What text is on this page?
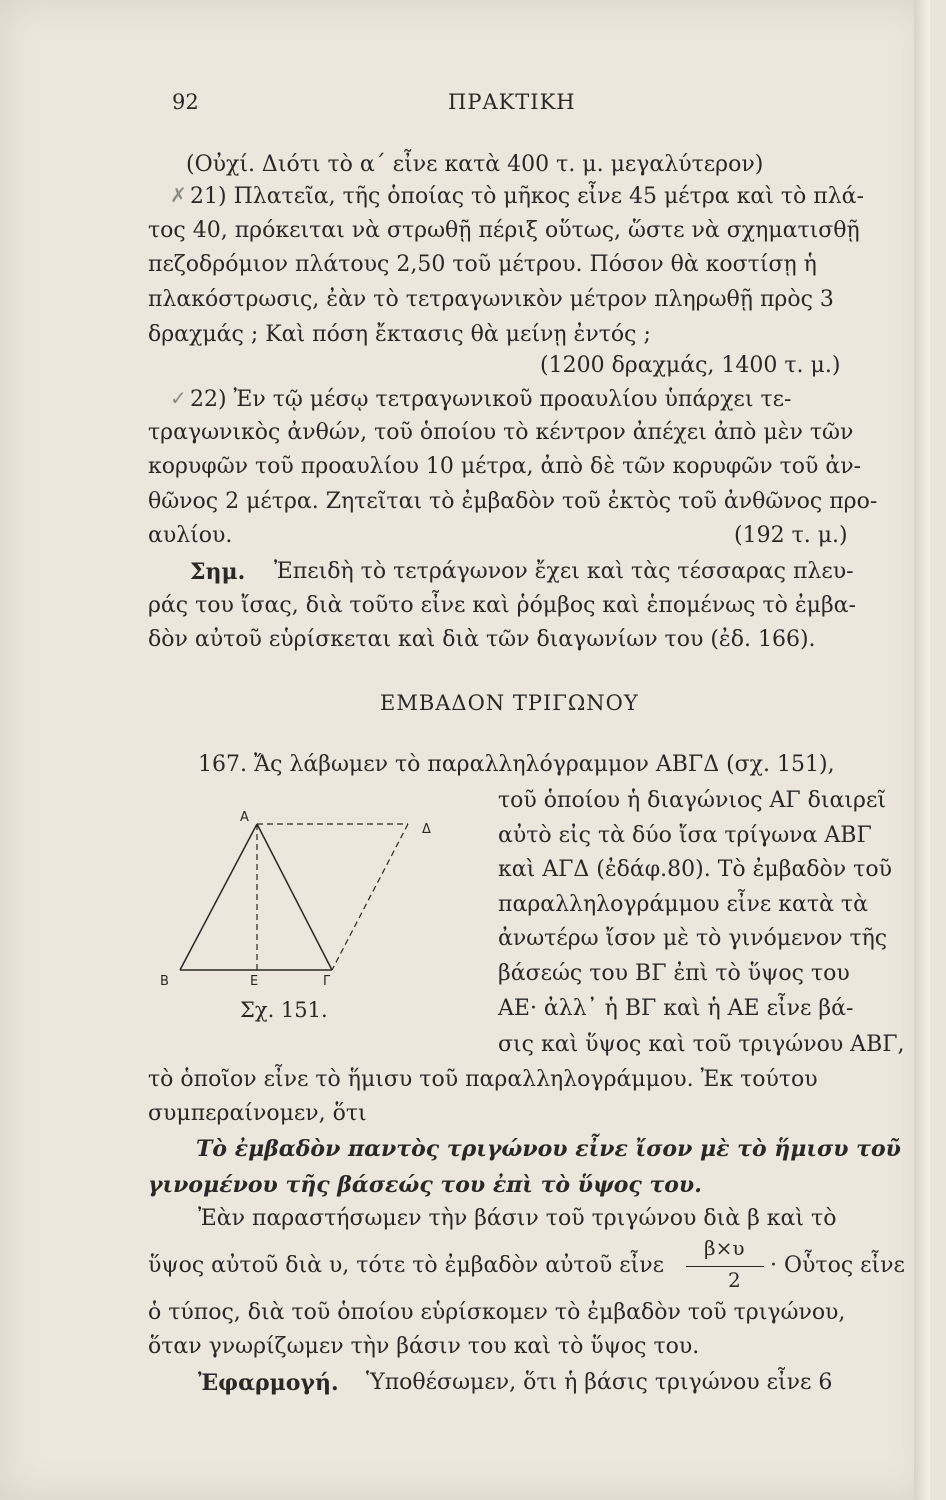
92	ΠΡΑΚΤΙΚΗ
(Οὐχί. Διότι τὸ α΄ εἶνε κατὰ 400 τ. μ. μεγαλύτερον)
✗ 21) Πλατεῖα, τῆς ὁποίας τὸ μῆκος εἶνε 45 μέτρα καὶ τὸ πλά-
τος 40, πρόκειται νὰ στρωθῇ πέριξ οὕτως, ὥστε νὰ σχηματισθῇ
πεζοδρόμιον πλάτους 2,50 τοῦ μέτρου. Πόσον θὰ κοστίσῃ ἡ
πλακόστρωσις, ἐὰν τὸ τετραγωνικὸν μέτρον πληρωθῇ πρὸς 3
δραχμάς ; Καὶ πόση ἔκτασις θὰ μείνῃ ἐντός ;
(1200 δραχμάς, 1400 τ. μ.)
✓ 22) Ἐν τῷ μέσῳ τετραγωνικοῦ προαυλίου ὑπάρχει τε-
τραγωνικὸς ἀνθών, τοῦ ὁποίου τὸ κέντρον ἀπέχει ἀπὸ μὲν τῶν
κορυφῶν τοῦ προαυλίου 10 μέτρα, ἀπὸ δὲ τῶν κορυφῶν τοῦ ἀν-
θῶνος 2 μέτρα. Ζητεῖται τὸ ἐμβαδὸν τοῦ ἐκτὸς τοῦ ἀνθῶνος προ-
αυλίου.	(192 τ. μ.)
Σημ. Ἐπειδὴ τὸ τετράγωνον ἔχει καὶ τὰς τέσσαρας πλευ-
ράς του ἴσας, διὰ τοῦτο εἶνε καὶ ῥόμβος καὶ ἑπομένως τὸ ἐμβα-
δὸν αὐτοῦ εὑρίσκεται καὶ διὰ τῶν διαγωνίων του (ἐδ. 166).
ΕΜΒΑΔΟΝ ΤΡΙΓΩΝΟΥ
167. Ἄς λάβωμεν τὸ παραλληλόγραμμον ΑΒΓΔ (σχ. 151),
Α
Δ
Β	Ε	Γ
Σχ. 151.
τοῦ ὁποίου ἡ διαγώνιος ΑΓ διαιρεῖ
αὐτὸ εἰς τὰ δύο ἴσα τρίγωνα ΑΒΓ
καὶ ΑΓΔ (ἐδάφ.80). Τὸ ἐμβαδὸν τοῦ
παραλληλογράμμου εἶνε κατὰ τὰ
ἀνωτέρω ἴσον μὲ τὸ γινόμενον τῆς
βάσεώς του ΒΓ ἐπὶ τὸ ὕψος του
ΑΕ· ἀλλ᾽ ἡ ΒΓ καὶ ἡ ΑΕ εἶνε βά-
σις καὶ ὕψος καὶ τοῦ τριγώνου ΑΒΓ,
τὸ ὁποῖον εἶνε τὸ ἥμισυ τοῦ παραλληλογράμμου. Ἐκ τούτου
συμπεραίνομεν, ὅτι
Τὸ ἐμβαδὸν παντὸς τριγώνου εἶνε ἴσον μὲ τὸ ἥμισυ τοῦ
γινομένου τῆς βάσεώς του ἐπὶ τὸ ὕψος του.
Ἐὰν παραστήσωμεν τὴν βάσιν τοῦ τριγώνου διὰ β καὶ τὸ
ὕψος αὐτοῦ διὰ υ, τότε τὸ ἐμβαδὸν αὐτοῦ εἶνε
β×υ
2
· Οὗτος εἶνε
ὁ τύπος, διὰ τοῦ ὁποίου εὑρίσκομεν τὸ ἐμβαδὸν τοῦ τριγώνου,
ὅταν γνωρίζωμεν τὴν βάσιν του καὶ τὸ ὕψος του.
Ἐφαρμογή. Ὑποθέσωμεν, ὅτι ἡ βάσις τριγώνου εἶνε 6
